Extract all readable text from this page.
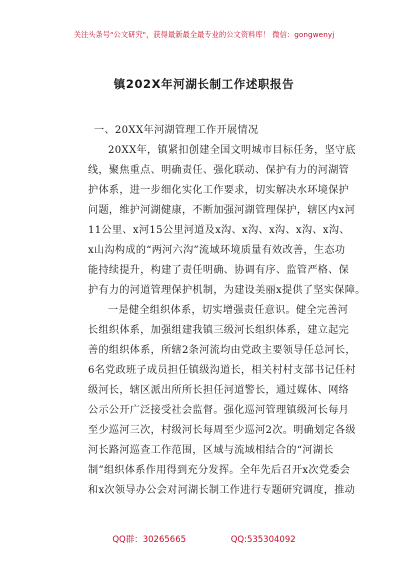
关注头条号"公文研究"，获得最新最全最专业的公文资料库！ 微信：gongwenyj
镇202X年河湖长制工作述职报告
一、20XX年河湖管理工作开展情况
20XX年，镇紧扣创建全国文明城市目标任务，坚守底
线，聚焦重点、明确责任、强化联动、保护有力的河湖管
护体系，进一步细化实化工作要求，切实解决水环境保护
问题，维护河湖健康，不断加强河湖管理保护，辖区内x河
11公里、x河15公里河道及x沟、x沟、x沟、x沟、x沟、
x山沟构成的“两河六沟”流域环境质量有效改善，生态功
能持续提升，构建了责任明确、协调有序、监管严格、保
护有力的河道管理保护机制，为建设美丽x提供了坚实保障。
一是健全组织体系，切实增强责任意识。健全完善河
长组织体系，加强组建我镇三级河长组织体系，建立起完
善的组织体系，所辖2条河流均由党政主要领导任总河长，
6名党政班子成员担任镇级沟道长，相关村村支部书记任村
级河长，辖区派出所所长担任河道警长，通过媒体、网络
公示公开广泛接受社会监督。强化巡河管理镇级河长每月
至少巡河三次，村级河长每周至少巡河2次。明确划定各级
河长路河巡查工作范围，区域与流域相结合的“河湖长
制”组织体系作用得到充分发挥。全年先后召开x次党委会
和x次领导办公会对河湖长制工作进行专题研究调度，推动
QQ群：30265665	QQ:535304092
